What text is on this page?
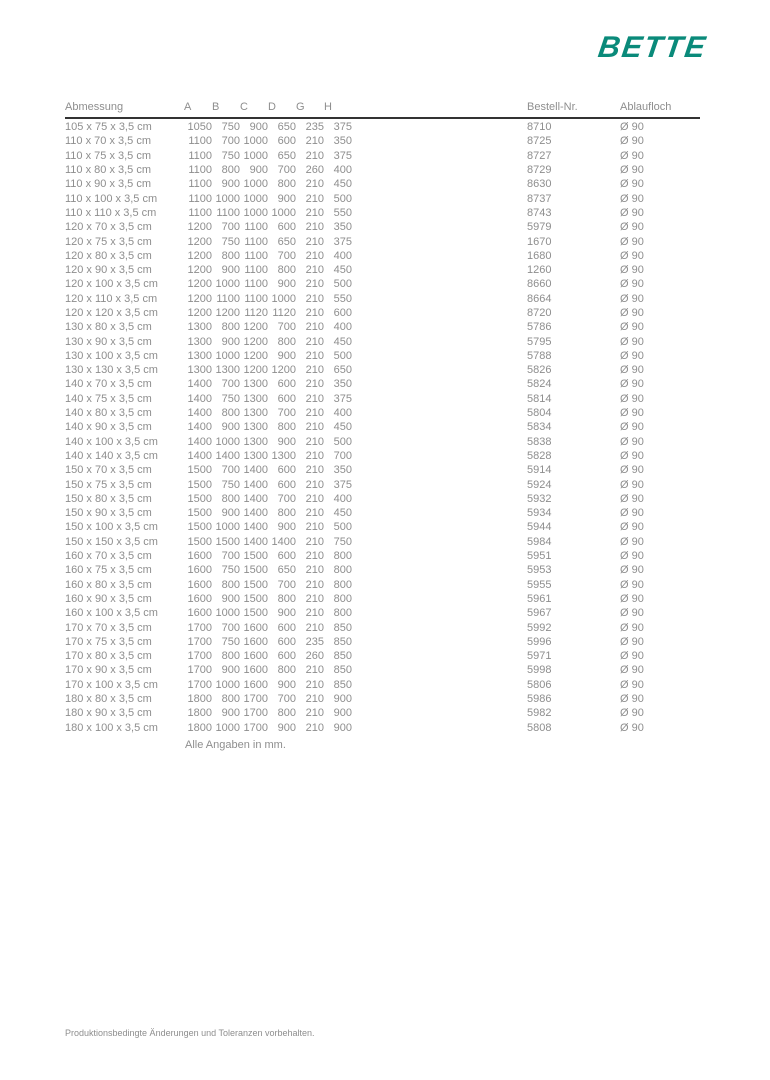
BETTE
Abmessung	A	B	C	D	G	H		Bestell-Nr.	Ablaufloch
105 x 75 x 3,5 cm	1050	750	900	650	235	375		8710	Ø 90
110 x 70 x 3,5 cm	1100	700	1000	600	210	350		8725	Ø 90
110 x 75 x 3,5 cm	1100	750	1000	650	210	375		8727	Ø 90
110 x 80 x 3,5 cm	1100	800	900	700	260	400		8729	Ø 90
110 x 90 x 3,5 cm	1100	900	1000	800	210	450		8630	Ø 90
110 x 100 x 3,5 cm	1100	1000	1000	900	210	500		8737	Ø 90
110 x 110 x 3,5 cm	1100	1100	1000	1000	210	550		8743	Ø 90
120 x 70 x 3,5 cm	1200	700	1100	600	210	350		5979	Ø 90
120 x 75 x 3,5 cm	1200	750	1100	650	210	375		1670	Ø 90
120 x 80 x 3,5 cm	1200	800	1100	700	210	400		1680	Ø 90
120 x 90 x 3,5 cm	1200	900	1100	800	210	450		1260	Ø 90
120 x 100 x 3,5 cm	1200	1000	1100	900	210	500		8660	Ø 90
120 x 110 x 3,5 cm	1200	1100	1100	1000	210	550		8664	Ø 90
120 x 120 x 3,5 cm	1200	1200	1120	1120	210	600		8720	Ø 90
130 x 80 x 3,5 cm	1300	800	1200	700	210	400		5786	Ø 90
130 x 90 x 3,5 cm	1300	900	1200	800	210	450		5795	Ø 90
130 x 100 x 3,5 cm	1300	1000	1200	900	210	500		5788	Ø 90
130 x 130 x 3,5 cm	1300	1300	1200	1200	210	650		5826	Ø 90
140 x 70 x 3,5 cm	1400	700	1300	600	210	350		5824	Ø 90
140 x 75 x 3,5 cm	1400	750	1300	600	210	375		5814	Ø 90
140 x 80 x 3,5 cm	1400	800	1300	700	210	400		5804	Ø 90
140 x 90 x 3,5 cm	1400	900	1300	800	210	450		5834	Ø 90
140 x 100 x 3,5 cm	1400	1000	1300	900	210	500		5838	Ø 90
140 x 140 x 3,5 cm	1400	1400	1300	1300	210	700		5828	Ø 90
150 x 70 x 3,5 cm	1500	700	1400	600	210	350		5914	Ø 90
150 x 75 x 3,5 cm	1500	750	1400	600	210	375		5924	Ø 90
150 x 80 x 3,5 cm	1500	800	1400	700	210	400		5932	Ø 90
150 x 90 x 3,5 cm	1500	900	1400	800	210	450		5934	Ø 90
150 x 100 x 3,5 cm	1500	1000	1400	900	210	500		5944	Ø 90
150 x 150 x 3,5 cm	1500	1500	1400	1400	210	750		5984	Ø 90
160 x 70 x 3,5 cm	1600	700	1500	600	210	800		5951	Ø 90
160 x 75 x 3,5 cm	1600	750	1500	650	210	800		5953	Ø 90
160 x 80 x 3,5 cm	1600	800	1500	700	210	800		5955	Ø 90
160 x 90 x 3,5 cm	1600	900	1500	800	210	800		5961	Ø 90
160 x 100 x 3,5 cm	1600	1000	1500	900	210	800		5967	Ø 90
170 x 70 x 3,5 cm	1700	700	1600	600	210	850		5992	Ø 90
170 x 75 x 3,5 cm	1700	750	1600	600	235	850		5996	Ø 90
170 x 80 x 3,5 cm	1700	800	1600	600	260	850		5971	Ø 90
170 x 90 x 3,5 cm	1700	900	1600	800	210	850		5998	Ø 90
170 x 100 x 3,5 cm	1700	1000	1600	900	210	850		5806	Ø 90
180 x 80 x 3,5 cm	1800	800	1700	700	210	900		5986	Ø 90
180 x 90 x 3,5 cm	1800	900	1700	800	210	900		5982	Ø 90
180 x 100 x 3,5 cm	1800	1000	1700	900	210	900		5808	Ø 90
Alle Angaben in mm.
Produktionsbedingte Änderungen und Toleranzen vorbehalten.
